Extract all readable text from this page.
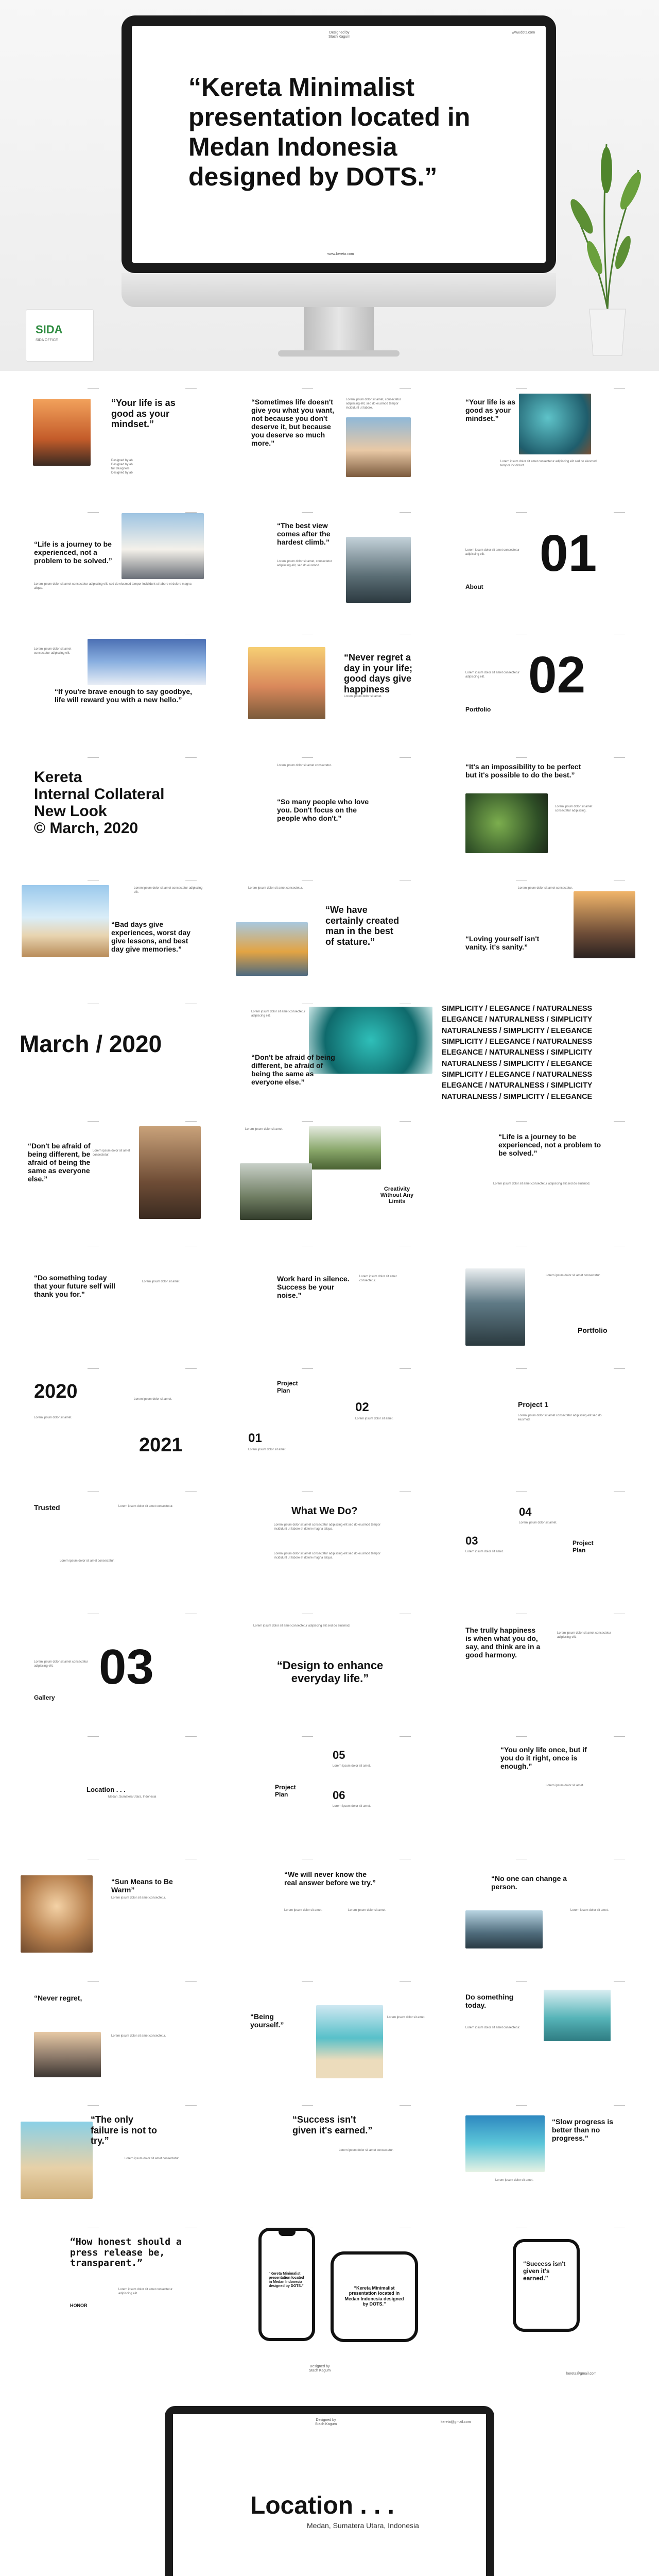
Designed by
Stach Kagum
www.dots.com
“Kereta Minimalist presentation located in Medan Indonesia designed by DOTS.”
www.kereta.com
SIDA
SIDA OFFICE
“Your life is as good as your mindset.”
Designed by ab
Designed by ab
full designers
Designed by ab
“Sometimes life doesn't give you what you want, not because you don't deserve it, but because you deserve so much more.”
Lorem ipsum dolor sit amet, consectetur adipiscing elit, sed do eiusmod tempor incididunt ut labore.
“Your life is as good as your mindset.”
Lorem ipsum dolor sit amet consectetur adipiscing elit sed do eiusmod tempor incididunt.
“Life is a journey to be experienced, not a problem to be solved.”
Lorem ipsum dolor sit amet consectetur adipiscing elit, sed do eiusmod tempor incididunt ut labore et dolore magna aliqua.
“The best view comes after the hardest climb.”
Lorem ipsum dolor sit amet, consectetur adipiscing elit, sed do eiusmod.
Lorem ipsum dolor sit amet consectetur adipiscing elit.	01
About
Lorem ipsum dolor sit amet consectetur adipiscing elit.
“If you're brave enough to say goodbye, life will reward you with a new hello.”
“Never regret a day in your life; good days give happiness
Lorem ipsum dolor sit amet.
Lorem ipsum dolor sit amet consectetur adipiscing elit. 02
Portfolio
Kereta
Internal Collateral
New Look
© March, 2020
Lorem ipsum dolor sit amet consectetur.
“So many people who love you. Don't focus on the people who don't.”
“It's an impossibility to be perfect but it's possible to do the best.”
Lorem ipsum dolor sit amet consectetur adipiscing.
Lorem ipsum dolor sit amet consectetur adipiscing elit.
“Bad days give experiences, worst day give lessons, and best day give memories.”
Lorem ipsum dolor sit amet consectetur.
“We have certainly created man in the best of stature.”
Lorem ipsum dolor sit amet consectetur.
“Loving yourself isn't vanity. it's sanity.”
March / 2020
Lorem ipsum dolor sit amet consectetur adipiscing elit.
“Don't be afraid of being different, be afraid of being the same as everyone else.”
SIMPLICITY / ELEGANCE / NATURALNESS
ELEGANCE / NATURALNESS / SIMPLICITY
NATURALNESS / SIMPLICITY / ELEGANCE
SIMPLICITY / ELEGANCE / NATURALNESS
ELEGANCE / NATURALNESS / SIMPLICITY
NATURALNESS / SIMPLICITY / ELEGANCE
SIMPLICITY / ELEGANCE / NATURALNESS
ELEGANCE / NATURALNESS / SIMPLICITY
NATURALNESS / SIMPLICITY / ELEGANCE
“Don't be afraid of being different, be afraid of being the same as everyone else.”
Lorem ipsum dolor sit amet consectetur.
Lorem ipsum dolor sit amet.
Creativity
Without Any
Limits
“Life is a journey to be experienced, not a problem to be solved.”
Lorem ipsum dolor sit amet consectetur adipiscing elit sed do eiusmod.
“Do something today that your future self will thank you for.”
Lorem ipsum dolor sit amet.	Work hard in silence. Success be your noise.”
Lorem ipsum dolor sit amet consectetur.
Lorem ipsum dolor sit amet consectetur.
Portfolio
2020
Lorem ipsum dolor sit amet.
Lorem ipsum dolor sit amet.
2021
Project
Plan
02
Lorem ipsum dolor sit amet.
01
Lorem ipsum dolor sit amet.
Project 1
Lorem ipsum dolor sit amet consectetur adipiscing elit sed do eiusmod.
Trusted	Lorem ipsum dolor sit amet consectetur.
Lorem ipsum dolor sit amet consectetur.
What We Do?
Lorem ipsum dolor sit amet consectetur adipiscing elit sed do eiusmod tempor incididunt ut labore et dolore magna aliqua.
Lorem ipsum dolor sit amet consectetur adipiscing elit sed do eiusmod tempor incididunt ut labore et dolore magna aliqua.
04
Lorem ipsum dolor sit amet.
03
Lorem ipsum dolor sit amet.
Project
Plan
Lorem ipsum dolor sit amet consectetur adipiscing elit. 03
Gallery
Lorem ipsum dolor sit amet consectetur adipiscing elit sed do eiusmod.
“Design to enhance everyday life.”
The trully happiness is when what you do, say, and think are in a good harmony.
Lorem ipsum dolor sit amet consectetur adipiscing elit.
Location . . .
Medan, Sumatera Utara, Indonesia
05
Lorem ipsum dolor sit amet.
Project
Plan	06
Lorem ipsum dolor sit amet.
“You only life once, but if you do it right, once is enough.”
Lorem ipsum dolor sit amet.
“Sun Means to Be Warm”
Lorem ipsum dolor sit amet consectetur.
“We will never know the real answer before we try.”
Lorem ipsum dolor sit amet.	Lorem ipsum dolor sit amet.
“No one can change a person.
Lorem ipsum dolor sit amet.
“Never regret,
Lorem ipsum dolor sit amet consectetur.
“Being yourself.”
Lorem ipsum dolor sit amet.
Do something today.
Lorem ipsum dolor sit amet consectetur.
“The only failure is not to try.”
Lorem ipsum dolor sit amet consectetur.
“Success isn't given it's earned.”
Lorem ipsum dolor sit amet consectetur.
“Slow progress is better than no progress.”
Lorem ipsum dolor sit amet.
“How honest should a press release be, transparent.”
HONOR
Lorem ipsum dolor sit amet consectetur adipiscing elit.
“Kereta Minimalist presentation located in Medan Indonesia designed by DOTS.”	“Kereta Minimalist presentation located in Medan Indonesia designed by DOTS.”
“Success isn't given it's earned.”
Designed by
Stach Kagum
kereta@gmail.com
Designed by
Stach Kagum
kereta@gmail.com
Location . . .
Medan, Sumatera Utara, Indonesia
